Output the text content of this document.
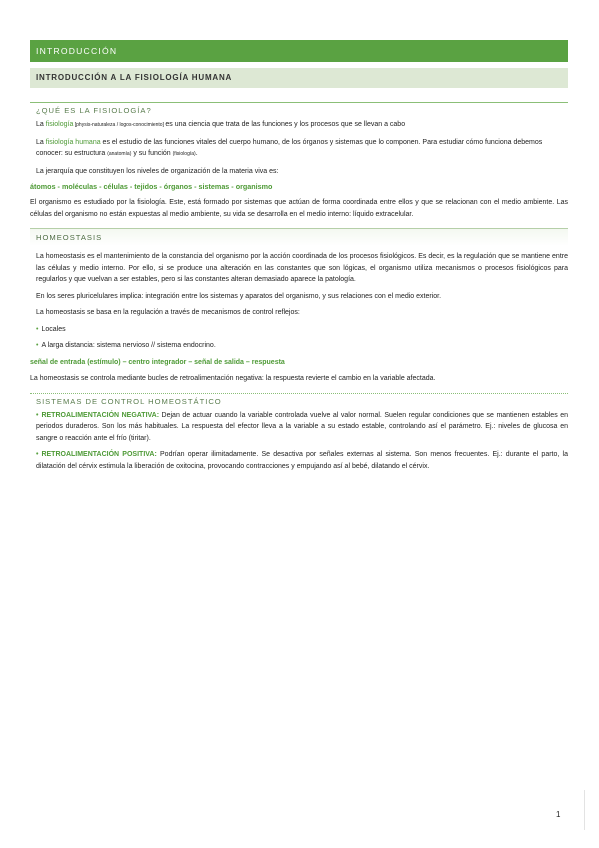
INTRODUCCIÓN
INTRODUCCIÓN A LA FISIOLOGÍA HUMANA
¿QUÉ ES LA FISIOLOGÍA?

La fisiología [physis-naturaleza / logos-conocimiento] es una ciencia que trata de las funciones y los procesos que se llevan a cabo

La fisiología humana es el estudio de las funciones vitales del cuerpo humano, de los órganos y sistemas que lo componen. Para estudiar cómo funciona debemos conocer: su estructura (anatomía) y su función (fisiología).

La jerarquía que constituyen los niveles de organización de la materia viva es:

átomos - moléculas - células - tejidos - órganos - sistemas - organismo

El organismo es estudiado por la fisiología. Este, está formado por sistemas que actúan de forma coordinada entre ellos y que se relacionan con el medio ambiente. Las células del organismo no están expuestas al medio ambiente, su vida se desarrolla en el medio interno: líquido extracelular.

HOMEOSTASIS

La homeostasis es el mantenimiento de la constancia del organismo por la acción coordinada de los procesos fisiológicos. Es decir, es la regulación que se mantiene entre las células y medio interno. Por ello, si se produce una alteración en las constantes que son lógicas, el organismo utiliza mecanismos o procesos fisiológicos para regularlos y que vuelvan a ser estables, pero si las constantes alteran demasiado aparece la patología.

En los seres pluricelulares implica: integración entre los sistemas y aparatos del organismo, y sus relaciones con el medio exterior.

La homeostasis se basa en la regulación a través de mecanismos de control reflejos:

• Locales

• A larga distancia: sistema nervioso // sistema endocrino.

señal de entrada (estímulo) – centro integrador – señal de salida – respuesta

La homeostasis se controla mediante bucles de retroalimentación negativa: la respuesta revierte el cambio en la variable afectada.

SISTEMAS DE CONTROL HOMEOSTÁTICO

• RETROALIMENTACIÓN NEGATIVA: Dejan de actuar cuando la variable controlada vuelve al valor normal. Suelen regular condiciones que se mantienen estables en periodos duraderos. Son los más habituales. La respuesta del efector lleva a la variable a su estado estable, controlando así el parámetro. Ej.: niveles de glucosa en sangre o reacción ante el frío (tiritar).

• RETROALIMENTACIÓN POSITIVA: Podrían operar ilimitadamente. Se desactiva por señales externas al sistema. Son menos frecuentes. Ej.: durante el parto, la dilatación del cérvix estimula la liberación de oxitocina, provocando contracciones y empujando así al bebé, dilatando el cérvix.

1
